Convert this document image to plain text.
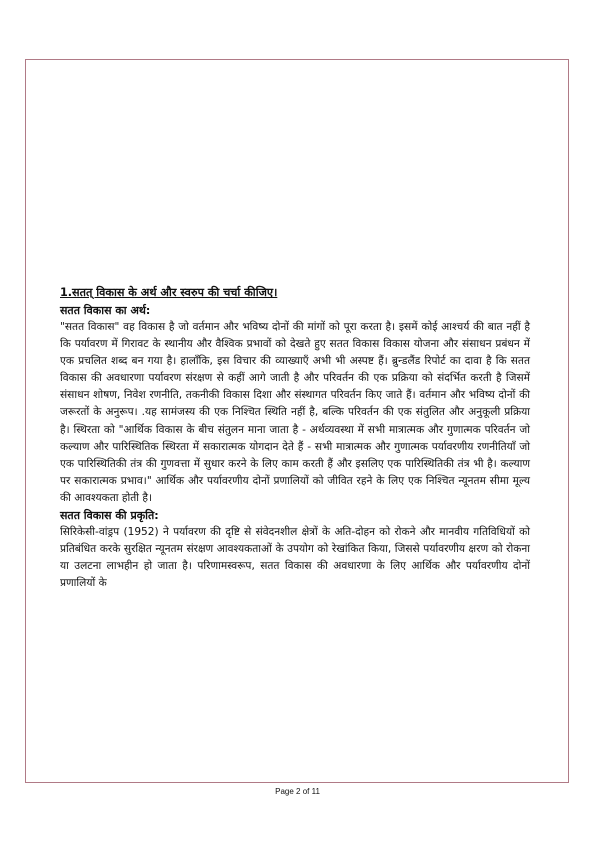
1.सतत् विकास के अर्थ और स्वरुप की चर्चा कीजिए।

सतत विकास का अर्थ:

"सतत विकास" वह विकास है जो वर्तमान और भविष्य दोनों की मांगों को पूरा करता है। इसमें कोई आश्चर्य की बात नहीं है कि पर्यावरण में गिरावट के स्थानीय और वैश्विक प्रभावों को देखते हुए सतत विकास विकास योजना और संसाधन प्रबंधन में एक प्रचलित शब्द बन गया है। हालाँकि, इस विचार की व्याख्याएँ अभी भी अस्पष्ट हैं। ब्रुन्डलैंड रिपोर्ट का दावा है कि सतत विकास की अवधारणा पर्यावरण संरक्षण से कहीं आगे जाती है और परिवर्तन की एक प्रक्रिया को संदर्भित करती है जिसमें संसाधन शोषण, निवेश रणनीति, तकनीकी विकास दिशा और संस्थागत परिवर्तन किए जाते हैं। वर्तमान और भविष्य दोनों की जरूरतों के अनुरूप। .यह सामंजस्य की एक निश्चित स्थिति नहीं है, बल्कि परिवर्तन की एक संतुलित और अनुकूली प्रक्रिया है। स्थिरता को "आर्थिक विकास के बीच संतुलन माना जाता है - अर्थव्यवस्था में सभी मात्रात्मक और गुणात्मक परिवर्तन जो कल्याण और पारिस्थितिक स्थिरता में सकारात्मक योगदान देते हैं - सभी मात्रात्मक और गुणात्मक पर्यावरणीय रणनीतियाँ जो एक पारिस्थितिकी तंत्र की गुणवत्ता में सुधार करने के लिए काम करती हैं और इसलिए एक पारिस्थितिकी तंत्र भी है। कल्याण पर सकारात्मक प्रभाव।" आर्थिक और पर्यावरणीय दोनों प्रणालियों को जीवित रहने के लिए एक निश्चित न्यूनतम सीमा मूल्य की आवश्यकता होती है।

सतत विकास की प्रकृति:

सिरिकेसी-वांड्रप (1952) ने पर्यावरण की दृष्टि से संवेदनशील क्षेत्रों के अति-दोहन को रोकने और मानवीय गतिविधियों को प्रतिबंधित करके सुरक्षित न्यूनतम संरक्षण आवश्यकताओं के उपयोग को रेखांकित किया, जिससे पर्यावरणीय क्षरण को रोकना या उलटना लाभहीन हो जाता है। परिणामस्वरूप, सतत विकास की अवधारणा के लिए आर्थिक और पर्यावरणीय दोनों प्रणालियों के

Page 2 of 11
